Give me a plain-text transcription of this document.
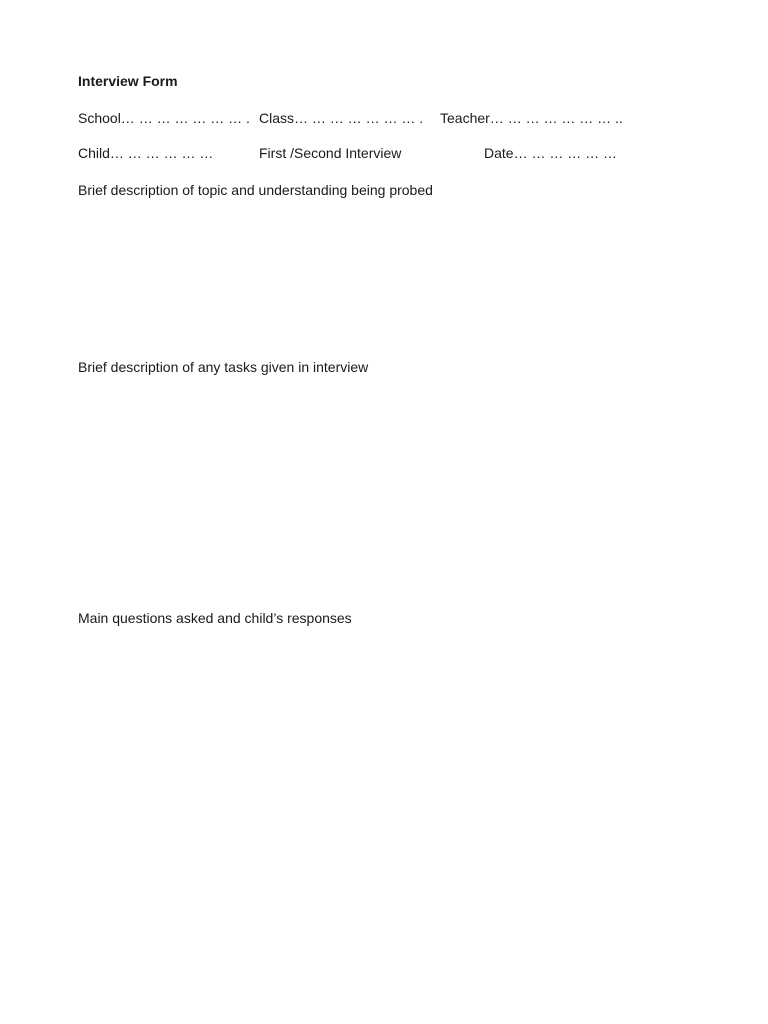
Interview Form
School… … … … … … … . Class… … … … … … … . Teacher… … … … … … … ..
Child… … … … … …	First /Second Interview	Date… … … … … …
Brief description of topic and understanding being probed
Brief description of any tasks given in interview
Main questions asked and child’s responses
